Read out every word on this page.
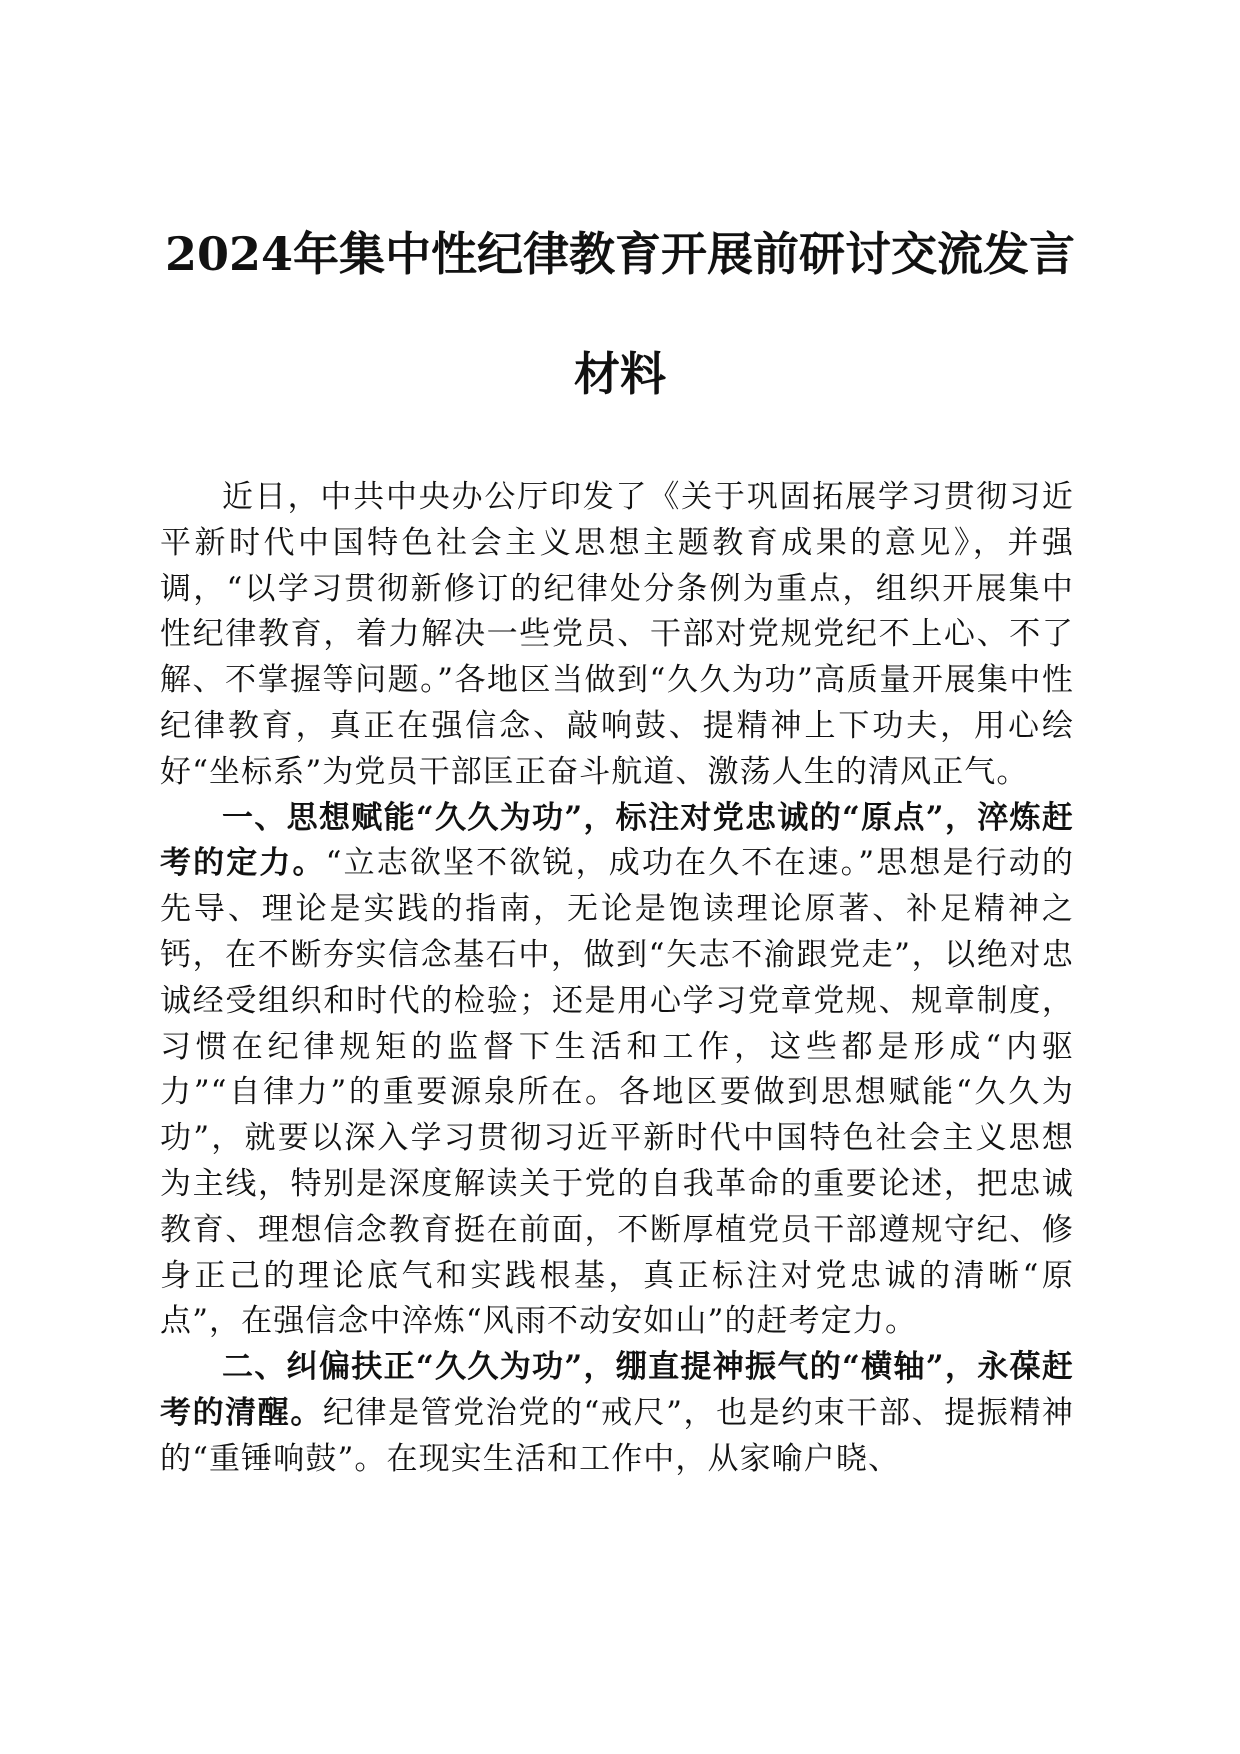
2024年集中性纪律教育开展前研讨交流发言
材料

近日，中共中央办公厅印发了《关于巩固拓展学习贯彻习近平新时代中国特色社会主义思想主题教育成果的意见》，并强调，“以学习贯彻新修订的纪律处分条例为重点，组织开展集中性纪律教育，着力解决一些党员、干部对党规党纪不上心、不了解、不掌握等问题。”各地区当做到“久久为功”高质量开展集中性纪律教育，真正在强信念、敲响鼓、提精神上下功夫，用心绘好“坐标系”为党员干部匡正奋斗航道、激荡人生的清风正气。

一、思想赋能“久久为功”，标注对党忠诚的“原点”，淬炼赶考的定力。“立志欲坚不欲锐，成功在久不在速。”思想是行动的先导、理论是实践的指南，无论是饱读理论原著、补足精神之钙，在不断夯实信念基石中，做到“矢志不渝跟党走”，以绝对忠诚经受组织和时代的检验；还是用心学习党章党规、规章制度，习惯在纪律规矩的监督下生活和工作，这些都是形成“内驱力”“自律力”的重要源泉所在。各地区要做到思想赋能“久久为功”，就要以深入学习贯彻习近平新时代中国特色社会主义思想为主线，特别是深度解读关于党的自我革命的重要论述，把忠诚教育、理想信念教育挺在前面，不断厚植党员干部遵规守纪、修身正己的理论底气和实践根基，真正标注对党忠诚的清晰“原点”，在强信念中淬炼“风雨不动安如山”的赶考定力。

二、纠偏扶正“久久为功”，绷直提神振气的“横轴”，永葆赶考的清醒。纪律是管党治党的“戒尺”，也是约束干部、提振精神的“重锤响鼓”。在现实生活和工作中，从家喻户晓、
